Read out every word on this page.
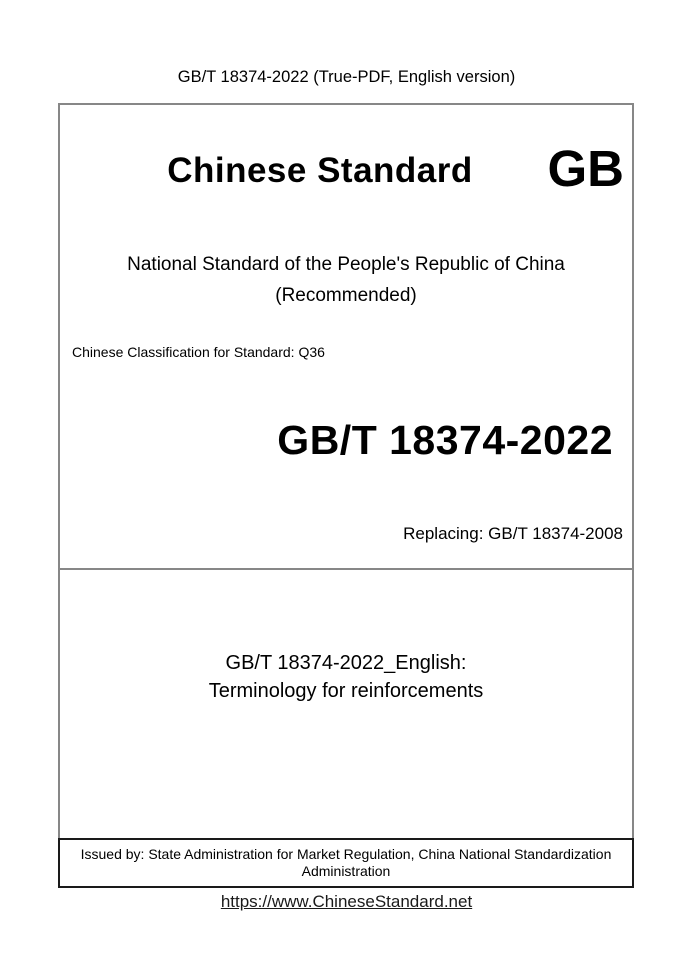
GB/T 18374-2022 (True-PDF, English version)
Chinese Standard	GB
National Standard of the People's Republic of China
(Recommended)
Chinese Classification for Standard: Q36
GB/T 18374-2022
Replacing: GB/T 18374-2008
GB/T 18374-2022_English:
Terminology for reinforcements
Issued by: State Administration for Market Regulation, China National Standardization
Administration
https://www.ChineseStandard.net
